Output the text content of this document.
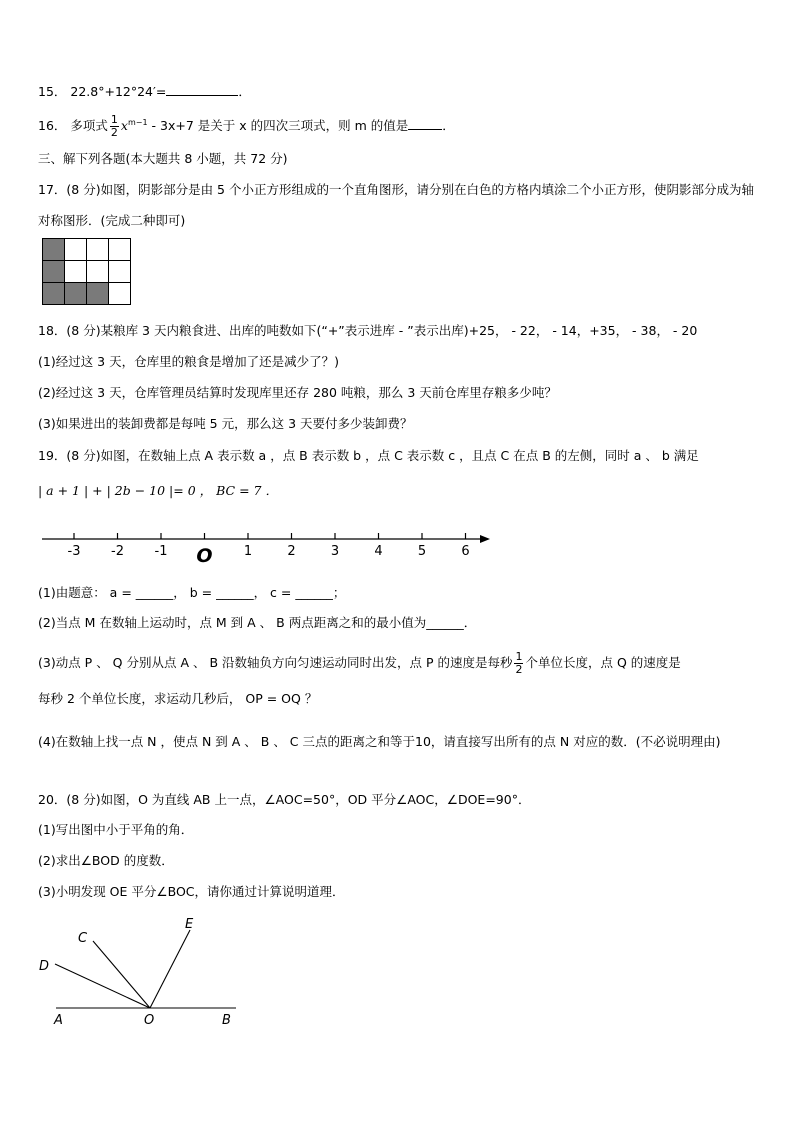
15． 22.8°+12°24′=	．
16． 多项式 $\frac{1}{2} x^{m-1} - 3x+7$ 是关于 x 的四次三项式，则 m 的值是	．
三、解下列各题(本大题共 8 小题，共 72 分)
17．(8 分)如图，阴影部分是由 5 个小正方形组成的一个直角图形，请分别在白色的方格内填涂二个小正方形，使阴影部分成为轴对称图形．(完成二种即可)

18．(8 分)某粮库 3 天内粮食进、出库的吨数如下(“+”表示进库 - ”表示出库)+25， - 22， - 14，+35， - 38， - 20
(1)经过这 3 天，仓库里的粮食是增加了还是减少了？)
(2)经过这 3 天，仓库管理员结算时发现库里还存 280 吨粮，那么 3 天前仓库里存粮多少吨？
(3)如果进出的装卸费都是每吨 5 元，那么这 3 天要付多少装卸费？
19．(8 分)如图，在数轴上点 A 表示数 a ，点 B 表示数 b ，点 C 表示数 c ，且点 C 在点 B 的左侧，同时 a 、 b 满足
| a + 1 | + | 2b − 10 |= 0 ， BC = 7 ．
-3 -2 -1 O 1	2	3	4	5	6
(1)由题意： a = ______， b = ______， c = ______；
(2)当点 M 在数轴上运动时，点 M 到 A 、 B 两点距离之和的最小值为______．
(3)动点 P 、 Q 分别从点 A 、 B 沿数轴负方向匀速运动同时出发，点 P 的速度是每秒 $\frac{1}{2}$ 个单位长度，点 Q 的速度是
每秒 2 个单位长度，求运动几秒后， OP = OQ ？
(4)在数轴上找一点 N ，使点 N 到 A 、 B 、 C 三点的距离之和等于10，请直接写出所有的点 N 对应的数．(不必说明理由)
20．(8 分)如图，O 为直线 AB 上一点，∠AOC=50°，OD 平分∠AOC，∠DOE=90°．
(1)写出图中小于平角的角．
(2)求出∠BOD 的度数．
(3)小明发现 OE 平分∠BOC，请你通过计算说明道理．
C
D
E
A	O	B
